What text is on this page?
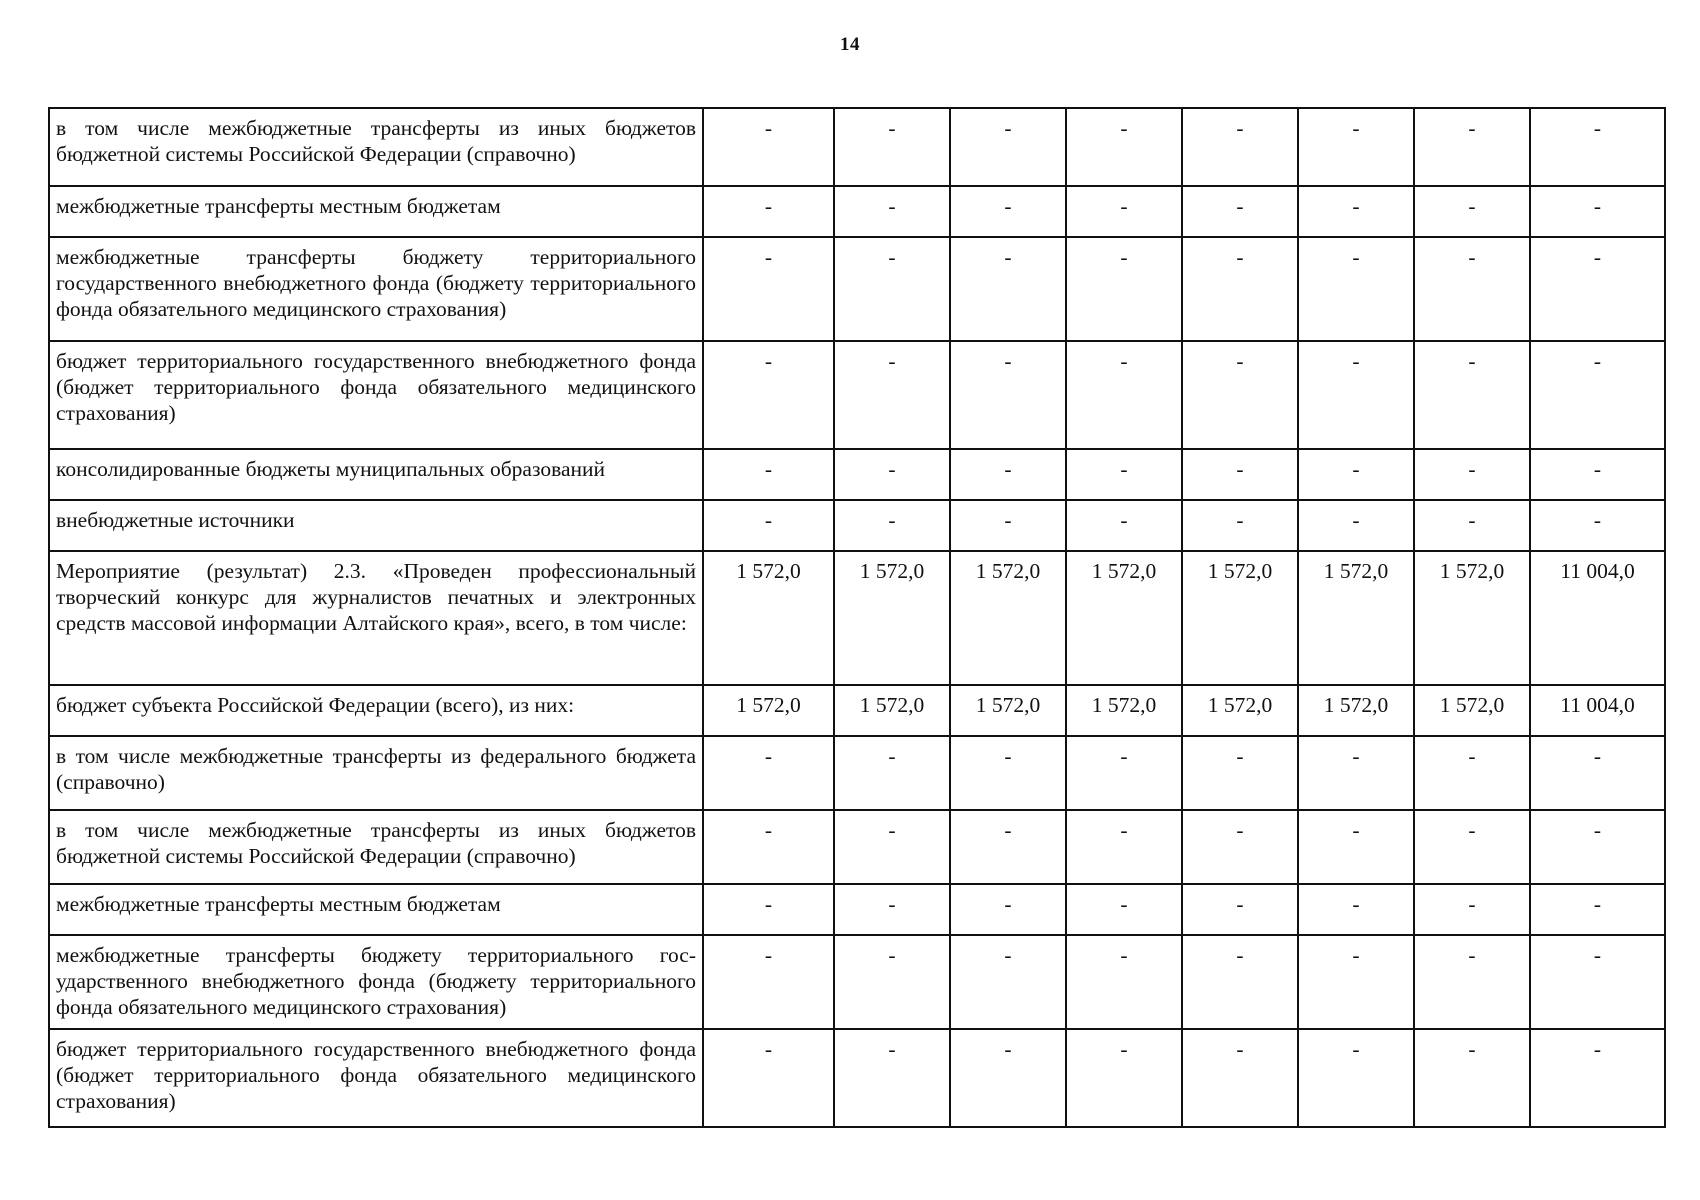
14
в том числе межбюджетные трансферты из иных бюджетов бюджетной системы Российской Федерации (справочно)	-	-	-	-	-	-	-	-
межбюджетные трансферты местным бюджетам	-	-	-	-	-	-	-	-
межбюджетные трансферты бюджету территориального государственного внебюджетного фонда (бюджету территориального фонда обязательного медицинского страхования)	-	-	-	-	-	-	-	-
бюджет территориального государственного внебюджетного фонда (бюджет территориального фонда обязательного медицинского страхования)	-	-	-	-	-	-	-	-
консолидированные бюджеты муниципальных образований	-	-	-	-	-	-	-	-
внебюджетные источники	-	-	-	-	-	-	-	-
Мероприятие (результат) 2.3. «Проведен профессиональный творческий конкурс для журналистов печатных и электронных средств массовой информации Алтайского края», всего, в том числе:	1 572,0	1 572,0	1 572,0	1 572,0	1 572,0	1 572,0	1 572,0	11 004,0
бюджет субъекта Российской Федерации (всего), из них:	1 572,0	1 572,0	1 572,0	1 572,0	1 572,0	1 572,0	1 572,0	11 004,0
в том числе межбюджетные трансферты из федерального бюджета (справочно)	-	-	-	-	-	-	-	-
в том числе межбюджетные трансферты из иных бюджетов бюджетной системы Российской Федерации (справочно)	-	-	-	-	-	-	-	-
межбюджетные трансферты местным бюджетам	-	-	-	-	-	-	-	-
межбюджетные трансферты бюджету территориального государственного внебюджетного фонда (бюджету территориального фонда обязательного медицинского страхования)	-	-	-	-	-	-	-	-
бюджет территориального государственного внебюджетного фонда (бюджет территориального фонда обязательного медицинского страхования)	-	-	-	-	-	-	-	-
